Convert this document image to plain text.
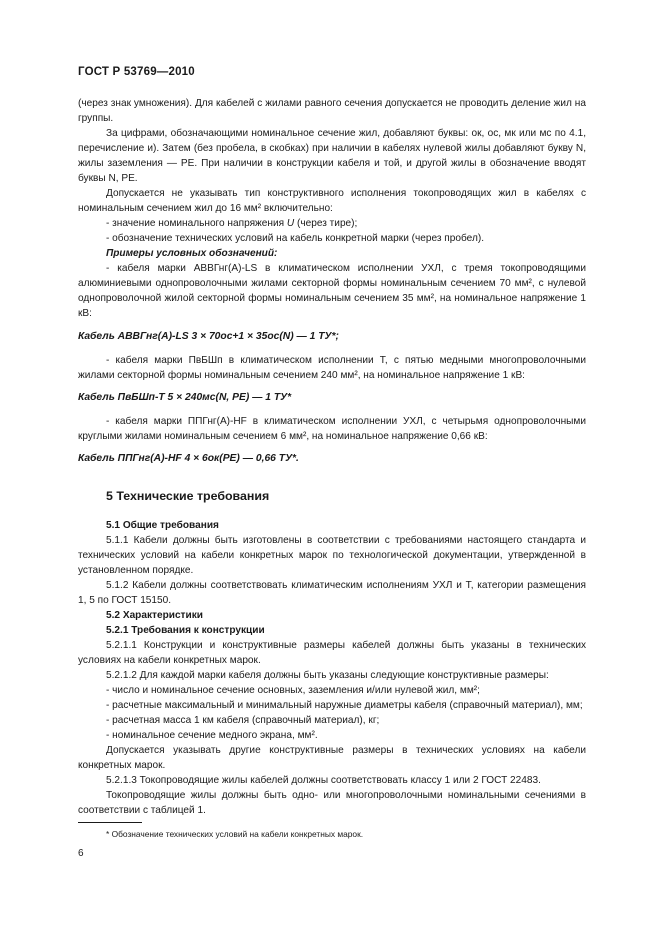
ГОСТ Р 53769—2010

(через знак умножения). Для кабелей с жилами равного сечения допускается не проводить деление жил на группы.

За цифрами, обозначающими номинальное сечение жил, добавляют буквы: ок, ос, мк или мс по 4.1, перечисление и). Затем (без пробела, в скобках) при наличии в кабелях нулевой жилы добавляют букву N, жилы заземления — PE. При наличии в конструкции кабеля и той, и другой жилы в обозначение вводят буквы N, PE.

Допускается не указывать тип конструктивного исполнения токопроводящих жил в кабелях с номинальным сечением жил до 16 мм² включительно:

- значение номинального напряжения U (через тире);

- обозначение технических условий на кабель конкретной марки (через пробел).

Примеры условных обозначений:

- кабеля марки АВВГнг(А)-LS в климатическом исполнении УХЛ, с тремя токопроводящими алюминиевыми однопроволочными жилами секторной формы номинальным сечением 70 мм², с нулевой однопроволочной жилой секторной формы номинальным сечением 35 мм², на номинальное напряжение 1 кВ:

Кабель АВВГнг(А)-LS 3 × 70ос+1 × 35ос(N) — 1 ТУ*;

- кабеля марки ПвБШп в климатическом исполнении Т, с пятью медными многопроволочными жилами секторной формы номинальным сечением 240 мм², на номинальное напряжение 1 кВ:

Кабель ПвБШп-Т 5 × 240мс(N, PE) — 1 ТУ*

- кабеля марки ППГнг(А)-HF в климатическом исполнении УХЛ, с четырьмя однопроволочными круглыми жилами номинальным сечением 6 мм², на номинальное напряжение 0,66 кВ:

Кабель ППГнг(А)-HF 4 × 6ок(PE) — 0,66 ТУ*.

5 Технические требования

5.1 Общие требования

5.1.1 Кабели должны быть изготовлены в соответствии с требованиями настоящего стандарта и технических условий на кабели конкретных марок по технологической документации, утвержденной в установленном порядке.

5.1.2 Кабели должны соответствовать климатическим исполнениям УХЛ и Т, категории размещения 1, 5 по ГОСТ 15150.

5.2 Характеристики

5.2.1 Требования к конструкции

5.2.1.1 Конструкции и конструктивные размеры кабелей должны быть указаны в технических условиях на кабели конкретных марок.

5.2.1.2 Для каждой марки кабеля должны быть указаны следующие конструктивные размеры:

- число и номинальное сечение основных, заземления и/или нулевой жил, мм²;

- расчетные максимальный и минимальный наружные диаметры кабеля (справочный материал), мм;

- расчетная масса 1 км кабеля (справочный материал), кг;

- номинальное сечение медного экрана, мм².

Допускается указывать другие конструктивные размеры в технических условиях на кабели конкретных марок.

5.2.1.3 Токопроводящие жилы кабелей должны соответствовать классу 1 или 2 ГОСТ 22483.

Токопроводящие жилы должны быть одно- или многопроволочными номинальными сечениями в соответствии с таблицей 1.

* Обозначение технических условий на кабели конкретных марок.
6
